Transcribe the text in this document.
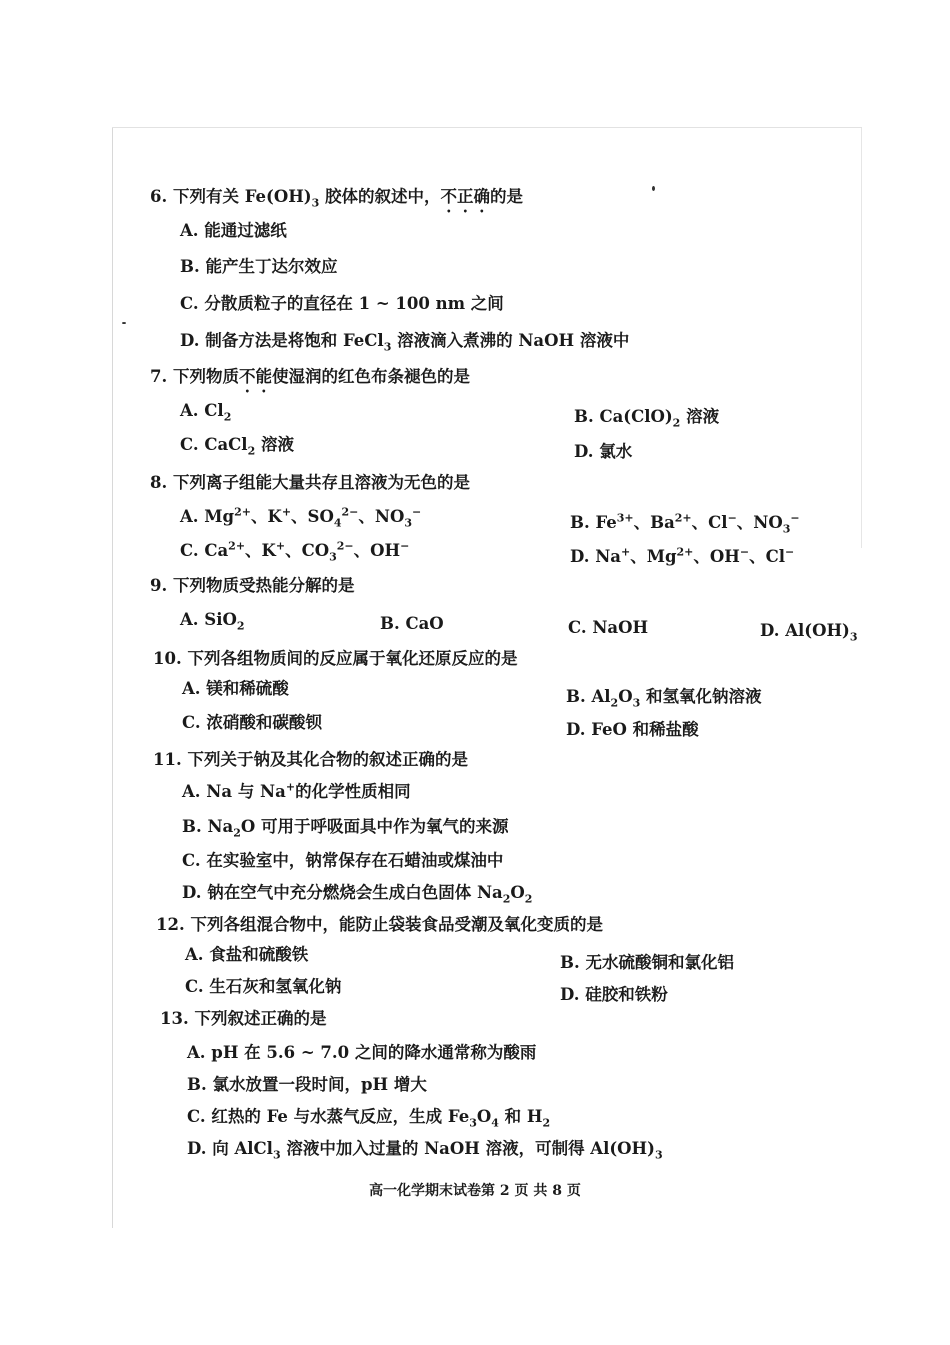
6. 下列有关 $Fe(OH)_3$ 胶体的叙述中，不正确的是
A. 能通过滤纸
B. 能产生丁达尔效应
C. 分散质粒子的直径在 1 ~ 100 nm 之间
D. 制备方法是将饱和 FeCl$_3$ 溶液滴入煮沸的 NaOH 溶液中
7. 下列物质不能使湿润的红色布条褪色的是
A. $Cl_2$	B. $Ca(ClO)_2$ 溶液
C. CaCl$_2$ 溶液	D. 氯水
8. 下列离子组能大量共存且溶液为无色的是
A. $Mg^{2+}$、K+、$SO_4^{2-}$、$NO_3^-$
B. $Fe^{3+}$、$Ba^{2+}$、Cl−、$NO_3^-$
C. $Ca^{2+}$、K+、$CO_3^{2-}$、OH−
D. Na+、$Mg^{2+}$、OH−、Cl−
9. 下列物质受热能分解的是
A. SiO$_2$	B. CaO	C. NaOH	D. $Al(OH)_3$
10. 下列各组物质间的反应属于氧化还原反应的是
A. 镁和稀硫酸	B. $Al_2O_3$ 和氢氧化钠溶液
C. 浓硝酸和碳酸钡	D. FeO 和稀盐酸
11. 下列关于钠及其化合物的叙述正确的是
A. Na 与 Na+的化学性质相同
B. $Na_2O$ 可用于呼吸面具中作为氧气的来源
C. 在实验室中，钠常保存在石蜡油或煤油中
D. 钠在空气中充分燃烧会生成白色固体 $Na_2O_2$
12. 下列各组混合物中，能防止袋装食品受潮及氧化变质的是
A. 食盐和硫酸铁	B. 无水硫酸铜和氯化铝
C. 生石灰和氢氧化钠	D. 硅胶和铁粉
13. 下列叙述正确的是
A. pH 在 5.6 ~ 7.0 之间的降水通常称为酸雨
B. 氯水放置一段时间，pH 增大
C. 红热的 Fe 与水蒸气反应，生成 $Fe_3O_4$ 和 $H_2$
D. 向 AlCl$_3$ 溶液中加入过量的 NaOH 溶液，可制得 $Al(OH)_3$
高一化学期末试卷第 2 页 共 8 页
